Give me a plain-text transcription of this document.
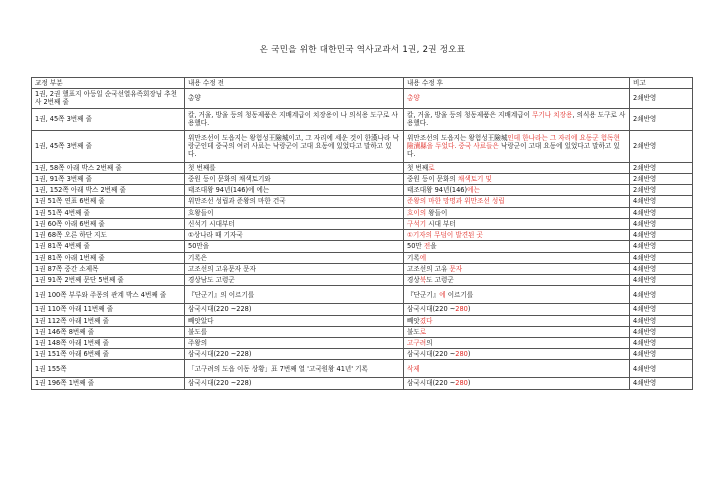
온 국민을 위한 대한민국 역사교과서 1권, 2권 정오표
교정 부분	내용 수정 전	내용 수정 후	비고
1권, 2권 했표지 아등일 순국선열유족회장님 추천사 2번째 줄	총양	총양	2쇄반영
1권, 45쪽 3번째 줄	칼, 거울, 방울 등의 청동제품은 지배계급이 치장용이 나 의식용 도구로 사용했다.	칼, 거울, 방울 등의 청동제품은 지배계급이 무기나 치장용, 의식용 도구로 사용했다.	2쇄반영
1권, 45쪽 3번째 줄	위만조선이 도읍지는 왕험성王險城이고, 그 자리에 세운 것이 한漢나라 낙랑군인데 중국의 여러 사료는 낙랑군이 고대 요동에 있었다고 말하고 있다.	위만조선의 도읍지는 왕험성王險城인데 한나라는 그 자리에 요동군 험독현險瀆縣을 두었다. 중국 사료들은 낙랑군이 고대 요동에 있었다고 말하고 있다.	2쇄반영
1권, 58쪽 아래 박스 2번째 줄	첫 번째를	첫 번째로	2쇄반영
1권, 91쪽 3번째 줄	중원 등이 문화의 채색토기와	중원 등이 문화의 채색토기 및	2쇄반영
1권, 152쪽 아래 박스 2번째 줄	태조대왕 94년(146)에 에는	태조대왕 94년(146)에는	2쇄반영
1권 51쪽 연표 6번째 줄	위만조선 성립과 준왕의 마한 건국	준왕의 마한 망명과 위만조선 성립	4쇄반영
1권 51쪽 4번째 줄	흐왕들이	흐이의 왕들이	4쇄반영
1권 60쪽 아래 6번째 줄	신석기 시대부터	구석기 시대 부터	4쇄반영
1권 68쪽 오른 하단 지도	①상나라 때 기자국	①기자의 무덤이 발견된 곳	4쇄반영
1권 81쪽 4번째 줄	50만을	50만 전을	4쇄반영
1권 81쪽 아래 1번째 줄	기록은	기록에	4쇄반영
1권 87쪽 중간 소제목	고조선의 고유문자 문자	고조선의 고유 문자	4쇄반영
1권 91쪽 2번째 문단 5번째 줄	경상남도 고령군	경상북도 고령군	4쇄반영
1권 100쪽 부루와 주몽의 관계 박스 4번째 줄	『단군기』의 이르기를	『단군기』에 이르기를	4쇄반영
1권 110쪽 아래 11번째 줄	삼국시대(220 ~228)	삼국시대(220 ~280)	4쇄반영
1권 112쪽 아래 1번째 줄	빼앗았다	빼앗겼다	4쇄반영
1권 146쪽 8번째 줄	불도를	불도로	4쇄반영
1권 148쪽 아래 1번째 줄	주왕의	고구려의	4쇄반영
1권 151쪽 아래 6번째 줄	삼국시대(220 ~228)	삼국시대(220 ~280)	4쇄반영
1권 155쪽	「고구려의 도읍 이동 상황」표 7번째 열 '고국원왕 41년' 기록	삭제	4쇄반영
1권 196쪽 1번째 줄	삼국시대(220 ~228)	삼국시대(220 ~280)	4쇄반영
